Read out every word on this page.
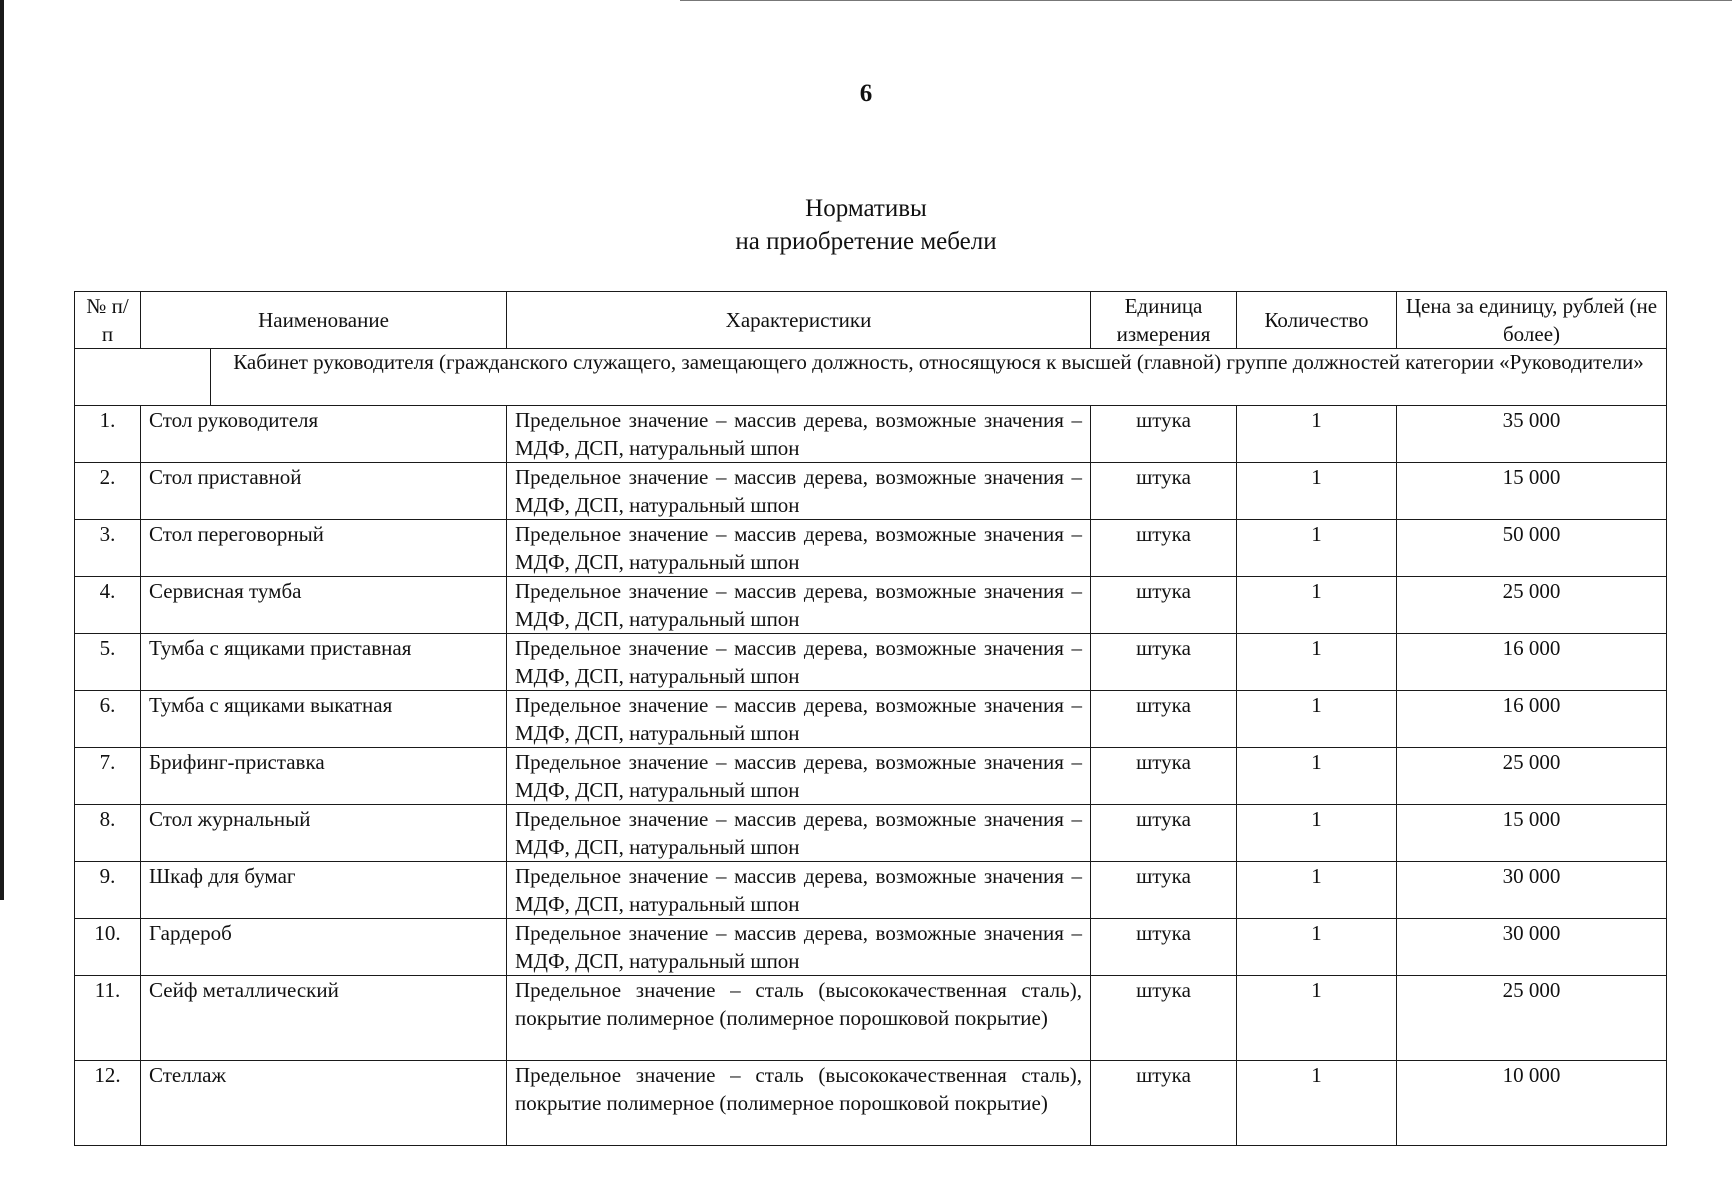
6
Нормативы
на приобретение мебели
№ п/п	Наименование		Характеристики	Единица измерения	Количество	Цена за единицу, рублей (не более)
		Кабинет руководителя (гражданского служащего, замещающего должность, относящуюся к высшей (главной) группе должностей категории «Руководители»				
1.	Стол руководителя		Предельное значение – массив дерева, возможные значения – МДФ, ДСП, натуральный шпон	штука	1	35 000
2.	Стол приставной		Предельное значение – массив дерева, возможные значения – МДФ, ДСП, натуральный шпон	штука	1	15 000
3.	Стол переговорный		Предельное значение – массив дерева, возможные значения – МДФ, ДСП, натуральный шпон	штука	1	50 000
4.	Сервисная тумба		Предельное значение – массив дерева, возможные значения – МДФ, ДСП, натуральный шпон	штука	1	25 000
5.	Тумба с ящиками приставная		Предельное значение – массив дерева, возможные значения – МДФ, ДСП, натуральный шпон	штука	1	16 000
6.	Тумба с ящиками выкатная		Предельное значение – массив дерева, возможные значения – МДФ, ДСП, натуральный шпон	штука	1	16 000
7.	Брифинг-приставка		Предельное значение – массив дерева, возможные значения – МДФ, ДСП, натуральный шпон	штука	1	25 000
8.	Стол журнальный		Предельное значение – массив дерева, возможные значения – МДФ, ДСП, натуральный шпон	штука	1	15 000
9.	Шкаф для бумаг		Предельное значение – массив дерева, возможные значения – МДФ, ДСП, натуральный шпон	штука	1	30 000
10.	Гардероб		Предельное значение – массив дерева, возможные значения – МДФ, ДСП, натуральный шпон	штука	1	30 000
11.	Сейф металлический		Предельное значение – сталь (высококачественная сталь), покрытие полимерное (полимерное порошковой покрытие)	штука	1	25 000
12.	Стеллаж		Предельное значение – сталь (высококачественная сталь), покрытие полимерное (полимерное порошковой покрытие)	штука	1	10 000
